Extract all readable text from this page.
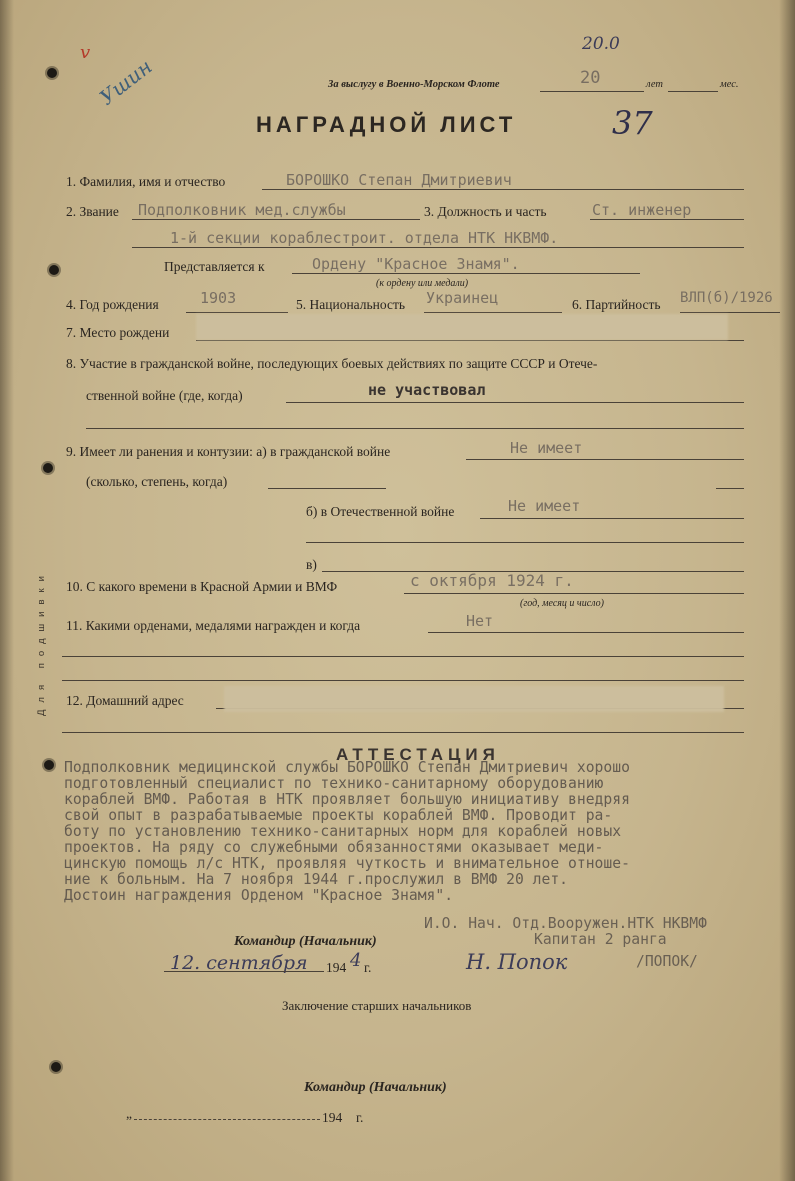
v
Ушин
20.0
За выслугу в Военно-Морском Флоте	20	лет	мес.
НАГРАДНОЙ ЛИСТ	37
1. Фамилия, имя и отчество	БОРОШКО Степан Дмитриевич
2. Звание Подполковник мед.службы	3. Должность и часть	Ст. инженер
1-й секции кораблестроит. отдела НТК НКВМФ.
Представляется к	Ордену "Красное Знамя".
(к ордену или медали)
4. Год рождения	1903	5. Национальность Украинец	6. Партийность ВЛП(б)/1926
7. Место рождени
8. Участие в гражданской войне, последующих боевых действиях по защите СССР и Отече-
ственной войне (где, когда)	не участвовал
9. Имеет ли ранения и контузии: а) в гражданской войне	Не имеет
(сколько, степень, когда)
б) в Отечественной войне	Не имеет
в)
10. С какого времени в Красной Армии и ВМФ	с октября 1924 г.
(год, месяц и число)
11. Какими орденами, медалями награжден и когда	Нет
12. Домашний адрес
Для подшивки
АТТЕСТАЦИЯ
Подполковник медицинской службы БОРОШКО Степан Дмитриевич хорошо
подготовленный специалист по технико-санитарному оборудованию
кораблей ВМФ. Работая в НТК проявляет большую инициативу внедряя
свой опыт в разрабатываемые проекты кораблей ВМФ. Проводит ра-
боту по установлению технико-санитарных норм для кораблей новых
проектов. На ряду со служебными обязанностями оказывает меди-
цинскую помощь л/с НТК, проявляя чуткость и внимательное отноше-
ние к больным. На 7 ноября 1944 г.прослужил в ВМФ 20 лет.
Достоин награждения Орденом "Красное Знамя".
И.О. Нач. Отд.Вооружен.НТК НКВМФ
Командир (Начальник)	Капитан 2 ранга
12. сентября 194 4 г.	Н. Попок	/ПОПОК/
Заключение старших начальников
Командир (Начальник)
„	194 г.
